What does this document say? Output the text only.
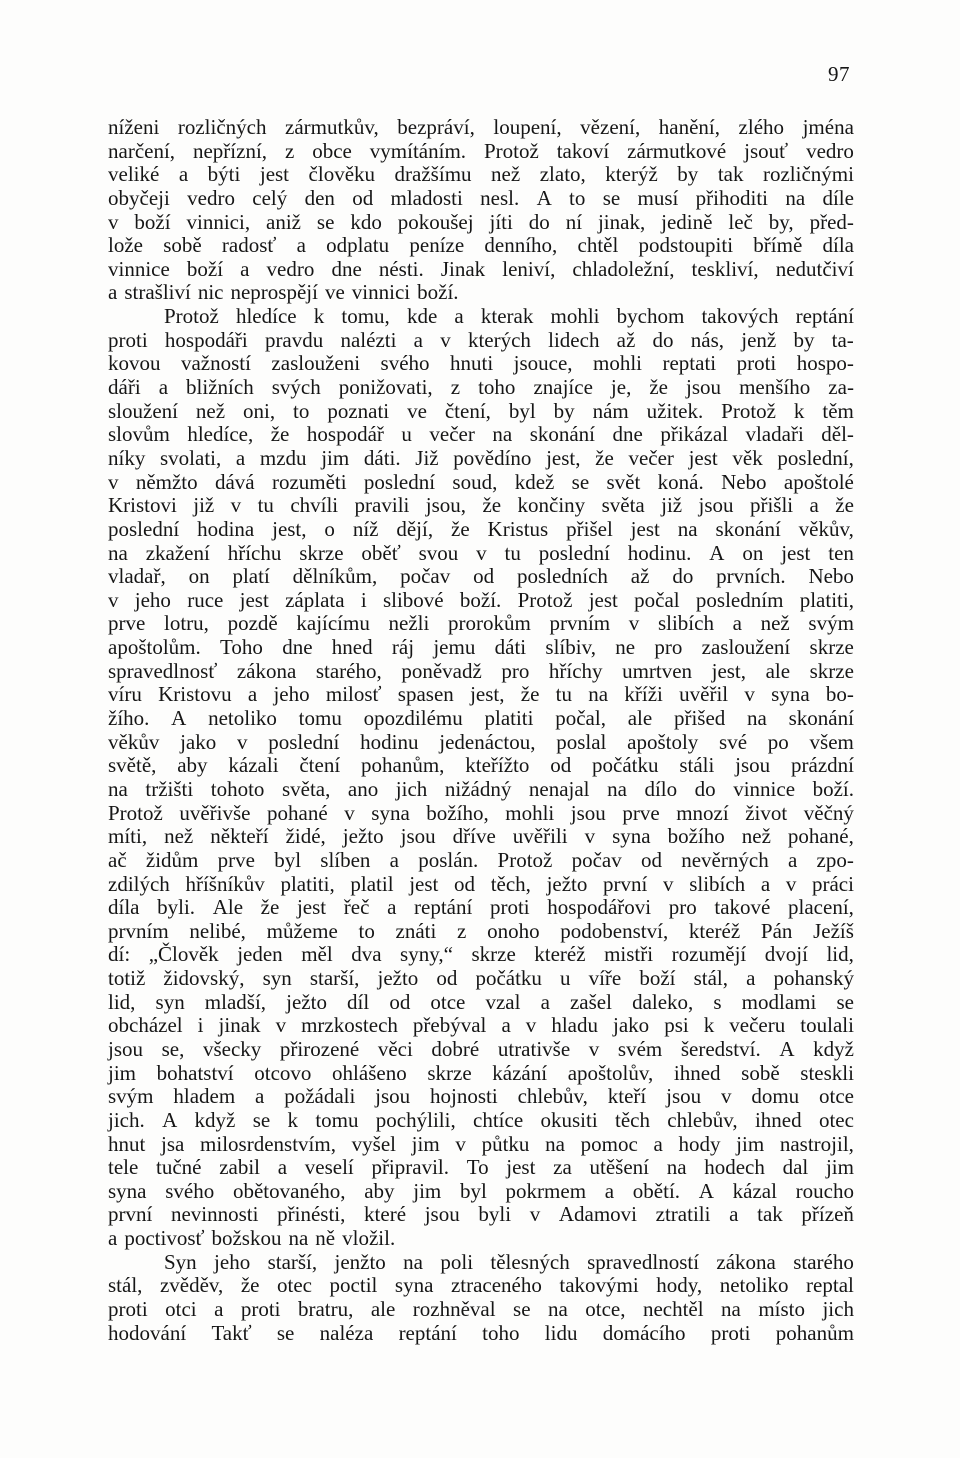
97
níženi rozličných zármutkův, bezpráví, loupení, vězení, hanění, zlého jména
narčení, nepřízní, z obce vymítáním. Protož takoví zármutkové jsouť vedro
veliké a býti jest člověku dražšímu než zlato, kterýž by tak rozličnými
obyčeji vedro celý den od mladosti nesl. A to se musí přihoditi na díle
v boží vinnici, aniž se kdo pokoušej jíti do ní jinak, jedině leč by, před-
lože sobě radosť a odplatu peníze denního, chtěl podstoupiti břímě díla
vinnice boží a vedro dne nésti. Jinak leniví, chladoležní, teskliví, nedutčiví
a strašliví nic neprospějí ve vinnici boží.
Protož hledíce k tomu, kde a kterak mohli bychom takových reptání
proti hospodáři pravdu nalézti a v kterých lidech až do nás, jenž by ta-
kovou važností zaslouženi svého hnuti jsouce, mohli reptati proti hospo-
dáři a bližních svých ponižovati, z toho znajíce je, že jsou menšího za-
sloužení než oni, to poznati ve čtení, byl by nám užitek. Protož k těm
slovům hledíce, že hospodář u večer na skonání dne přikázal vladaři děl-
níky svolati, a mzdu jim dáti. Již povědíno jest, že večer jest věk poslední,
v němžto dává rozuměti poslední soud, kdež se svět koná. Nebo apoštolé
Kristovi již v tu chvíli pravili jsou, že končiny světa již jsou přišli a že
poslední hodina jest, o níž dějí, že Kristus přišel jest na skonání věkův,
na zkažení hříchu skrze oběť svou v tu poslední hodinu. A on jest ten
vladař, on platí dělníkům, počav od posledních až do prvních. Nebo
v jeho ruce jest záplata i slibové boží. Protož jest počal posledním platiti,
prve lotru, pozdě kajícímu nežli prorokům prvním v slibích a než svým
apoštolům. Toho dne hned ráj jemu dáti slíbiv, ne pro zasloužení skrze
spravedlnosť zákona starého, poněvadž pro hříchy umrtven jest, ale skrze
víru Kristovu a jeho milosť spasen jest, že tu na kříži uvěřil v syna bo-
žího. A netoliko tomu opozdilému platiti počal, ale přišed na skonání
věkův jako v poslední hodinu jedenáctou, poslal apoštoly své po všem
světě, aby kázali čtení pohanům, kteřížto od počátku stáli jsou prázdní
na tržišti tohoto světa, ano jich nižádný nenajal na dílo do vinnice boží.
Protož uvěřivše pohané v syna božího, mohli jsou prve mnozí život věčný
míti, než někteří židé, ježto jsou dříve uvěřili v syna božího než pohané,
ač židům prve byl slíben a poslán. Protož počav od nevěrných a zpo-
zdilých hříšníkův platiti, platil jest od těch, ježto první v slibích a v práci
díla byli. Ale že jest řeč a reptání proti hospodářovi pro takové placení,
prvním nelibé, můžeme to znáti z onoho podobenství, kteréž Pán Ježíš
dí: „Člověk jeden měl dva syny,“ skrze kteréž mistři rozumějí dvojí lid,
totiž židovský, syn starší, ježto od počátku u víře boží stál, a pohanský
lid, syn mladší, ježto díl od otce vzal a zašel daleko, s modlami se
obcházel i jinak v mrzkostech přebýval a v hladu jako psi k večeru toulali
jsou se, všecky přirozené věci dobré utrativše v svém šeredství. A když
jim bohatství otcovo ohlášeno skrze kázání apoštolův, ihned sobě steskli
svým hladem a požádali jsou hojnosti chlebův, kteří jsou v domu otce
jich. A když se k tomu pochýlili, chtíce okusiti těch chlebův, ihned otec
hnut jsa milosrdenstvím, vyšel jim v půtku na pomoc a hody jim nastrojil,
tele tučné zabil a veselí připravil. To jest za utěšení na hodech dal jim
syna svého obětovaného, aby jim byl pokrmem a obětí. A kázal roucho
první nevinnosti přinésti, které jsou byli v Adamovi ztratili a tak přízeň
a poctivosť božskou na ně vložil.
Syn jeho starší, jenžto na poli tělesných spravedlností zákona starého
stál, zvěděv, že otec poctil syna ztraceného takovými hody, netoliko reptal
proti otci a proti bratru, ale rozhněval se na otce, nechtěl na místo jich
hodování Takť se naléza reptání toho lidu domácího proti pohanům
